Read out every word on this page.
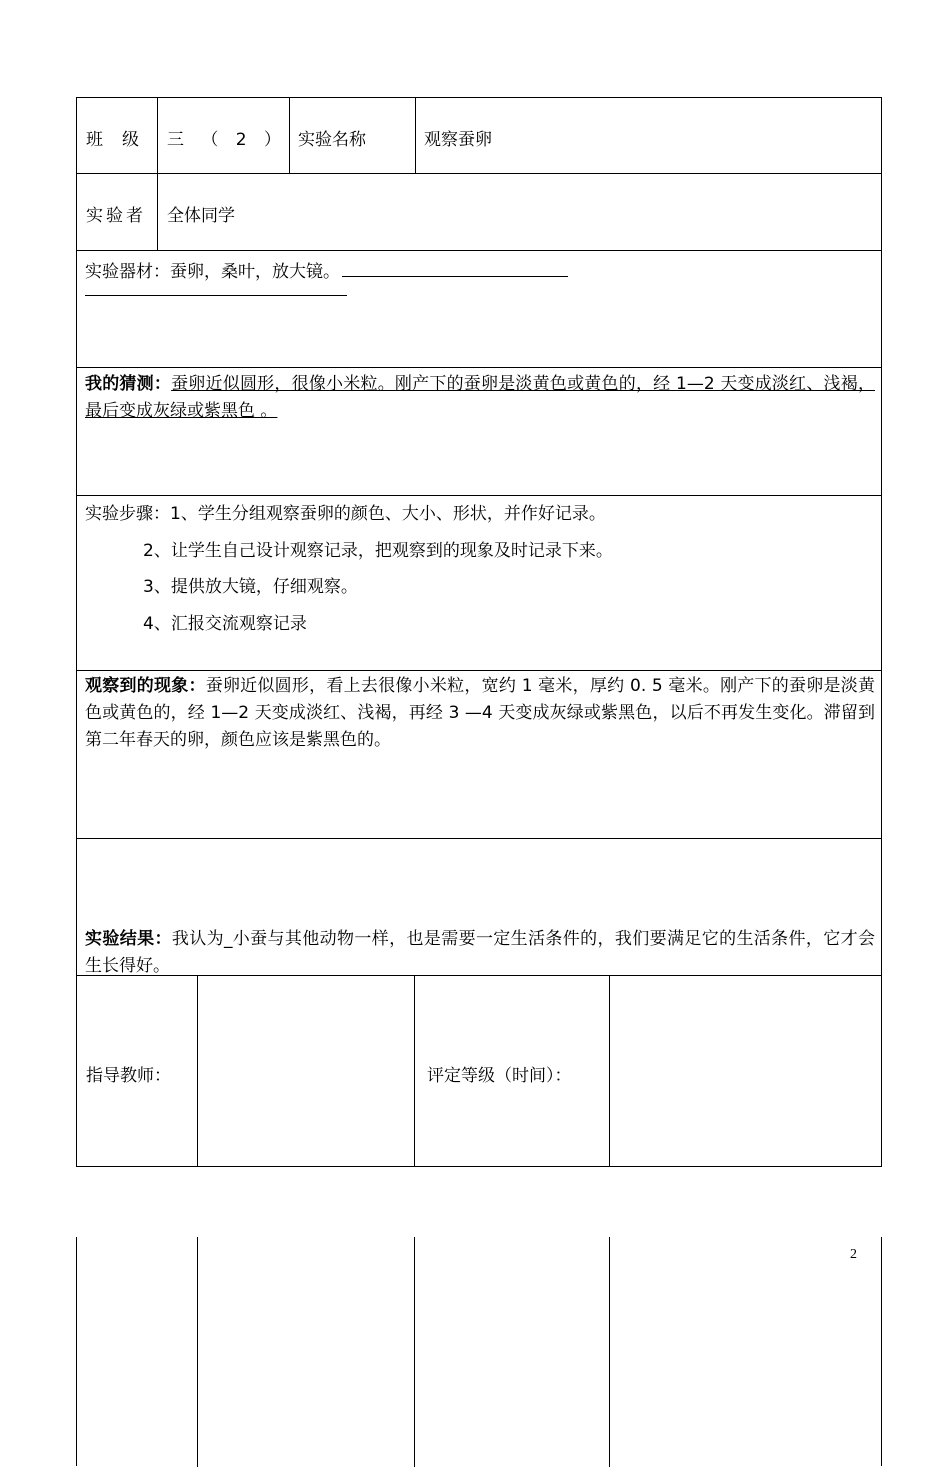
班　级 三 （ 2 ） 实验名称	观察蚕卵
实验者 全体同学
实验器材：蚕卵，桑叶，放大镜。
我的猜测：蚕卵近似圆形，很像小米粒。刚产下的蚕卵是淡黄色或黄色的，经 1—2 天变成淡红、浅褐，最后变成灰绿或紫黑色 。
实验步骤：1、学生分组观察蚕卵的颜色、大小、形状，并作好记录。
2、让学生自己设计观察记录，把观察到的现象及时记录下来。
3、提供放大镜，仔细观察。
4、汇报交流观察记录
观察到的现象：蚕卵近似圆形，看上去很像小米粒，宽约 1 毫米，厚约 0. 5 毫米。刚产下的蚕卵是淡黄色或黄色的，经 1—2 天变成淡红、浅褐，再经 3 —4 天变成灰绿或紫黑色，以后不再发生变化。滞留到第二年春天的卵，颜色应该是紫黑色的。
实验结果：我认为_小蚕与其他动物一样，也是需要一定生活条件的，我们要满足它的生活条件，它才会生长得好。
指导教师：	评定等级（时间）：
2
